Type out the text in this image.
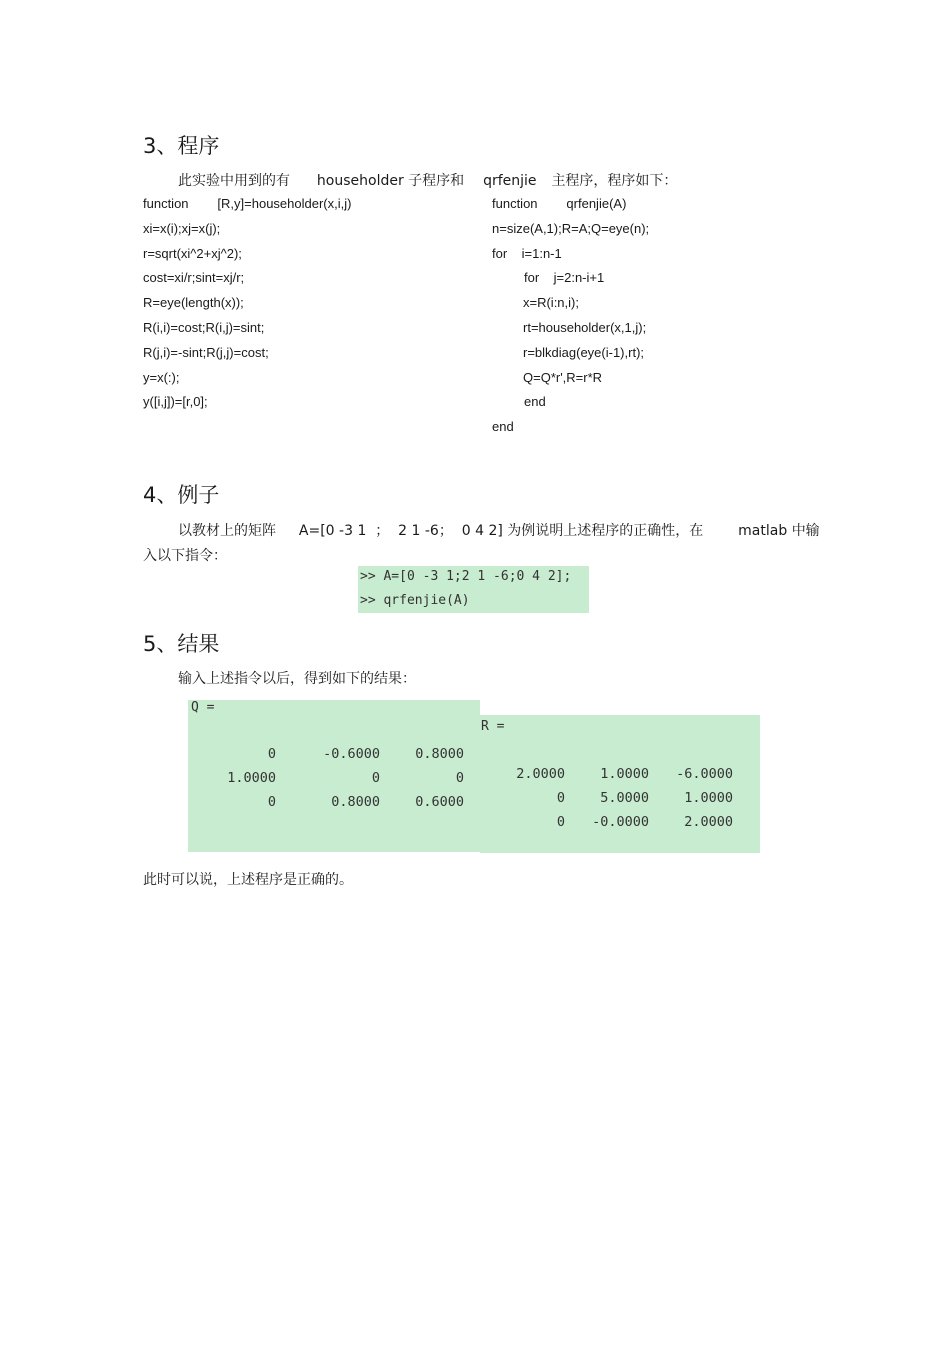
3、程序
此实验中用到的有 householder 子程序和 qrfenjie 主程序，程序如下：
function        [R,y]=householder(x,i,j)
xi=x(i);xj=x(j);
r=sqrt(xi^2+xj^2);
cost=xi/r;sint=xj/r;
R=eye(length(x));
R(i,i)=cost;R(i,j)=sint;
R(j,i)=-sint;R(j,j)=cost;
y=x(:);
y([i,j])=[r,0];
function        qrfenjie(A)
n=size(A,1);R=A;Q=eye(n);
for    i=1:n-1
for    j=2:n-i+1
x=R(i:n,i);
rt=householder(x,1,j);
r=blkdiag(eye(i-1),rt);
Q=Q*r',R=r*R
end
end
4、例子
以教材上的矩阵 A=[0 -3 1  ；  2 1 -6；  0 4 2] 为例说明上述程序的正确性，在 matlab 中输
入以下指令：
>> A=[0 -3 1;2 1 -6;0 4 2];
>> qrfenjie(A)
5、结果
输入上述指令以后，得到如下的结果：
Q =
0	-0.6000	0.8000
1.0000	0	0
0	0.8000	0.6000
R =
2.0000	1.0000	-6.0000
0	5.0000	1.0000
0	-0.0000	2.0000
此时可以说，上述程序是正确的。
